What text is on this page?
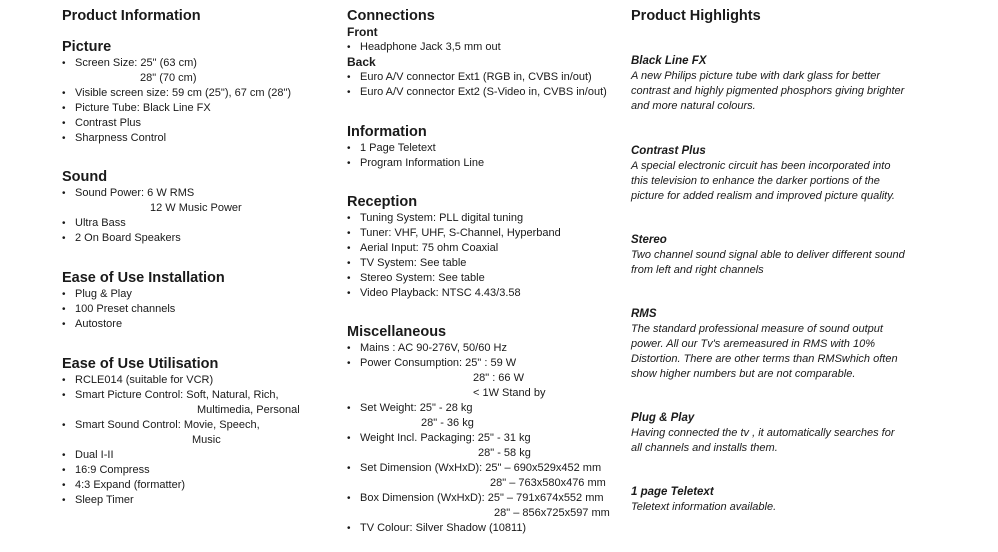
Product Information
Picture
• Screen Size: 25" (63 cm)
28" (70 cm)
• Visible screen size: 59 cm (25"), 67 cm (28")
• Picture Tube: Black Line FX
• Contrast Plus
• Sharpness Control
Sound
• Sound Power: 6 W RMS
12 W Music Power
• Ultra Bass
• 2 On Board Speakers
Ease of Use Installation
• Plug & Play
• 100 Preset channels
• Autostore
Ease of Use Utilisation
• RCLE014 (suitable for VCR)
• Smart Picture Control: Soft, Natural, Rich,
Multimedia, Personal
• Smart Sound Control: Movie, Speech,
Music
• Dual I-II
• 16:9 Compress
• 4:3 Expand (formatter)
• Sleep Timer
Connections
Front
• Headphone Jack 3,5 mm out
Back
• Euro A/V connector Ext1 (RGB in, CVBS in/out)
• Euro A/V connector Ext2 (S-Video in, CVBS in/out)
Information
• 1 Page Teletext
• Program Information Line
Reception
• Tuning System: PLL digital tuning
• Tuner: VHF, UHF, S-Channel, Hyperband
• Aerial Input: 75 ohm Coaxial
• TV System: See table
• Stereo System: See table
• Video Playback: NTSC 4.43/3.58
Miscellaneous
• Mains : AC 90-276V, 50/60 Hz
• Power Consumption: 25" : 59 W
28" : 66 W
< 1W Stand by
• Set Weight: 25" - 28 kg
28" - 36 kg
• Weight Incl. Packaging: 25" - 31 kg
28" - 58 kg
• Set Dimension (WxHxD): 25" – 690x529x452 mm
28" – 763x580x476 mm
• Box Dimension (WxHxD): 25" – 791x674x552 mm
28" – 856x725x597 mm
• TV Colour: Silver Shadow (10811)
Product Highlights
Black Line FX
A new Philips picture tube with dark glass for better
contrast and highly pigmented phosphors giving brighter
and more natural colours.
Contrast Plus
A special electronic circuit has been incorporated into
this television to enhance the darker portions of the
picture for added realism and improved picture quality.
Stereo
Two channel sound signal able to deliver different sound
from left and right channels
RMS
The standard professional measure of sound output
power. All our Tv's aremeasured in RMS with 10%
Distortion. There are other terms than RMSwhich often
show higher numbers but are not comparable.
Plug & Play
Having connected the tv , it automatically searches for
all channels and installs them.
1 page Teletext
Teletext information available.
